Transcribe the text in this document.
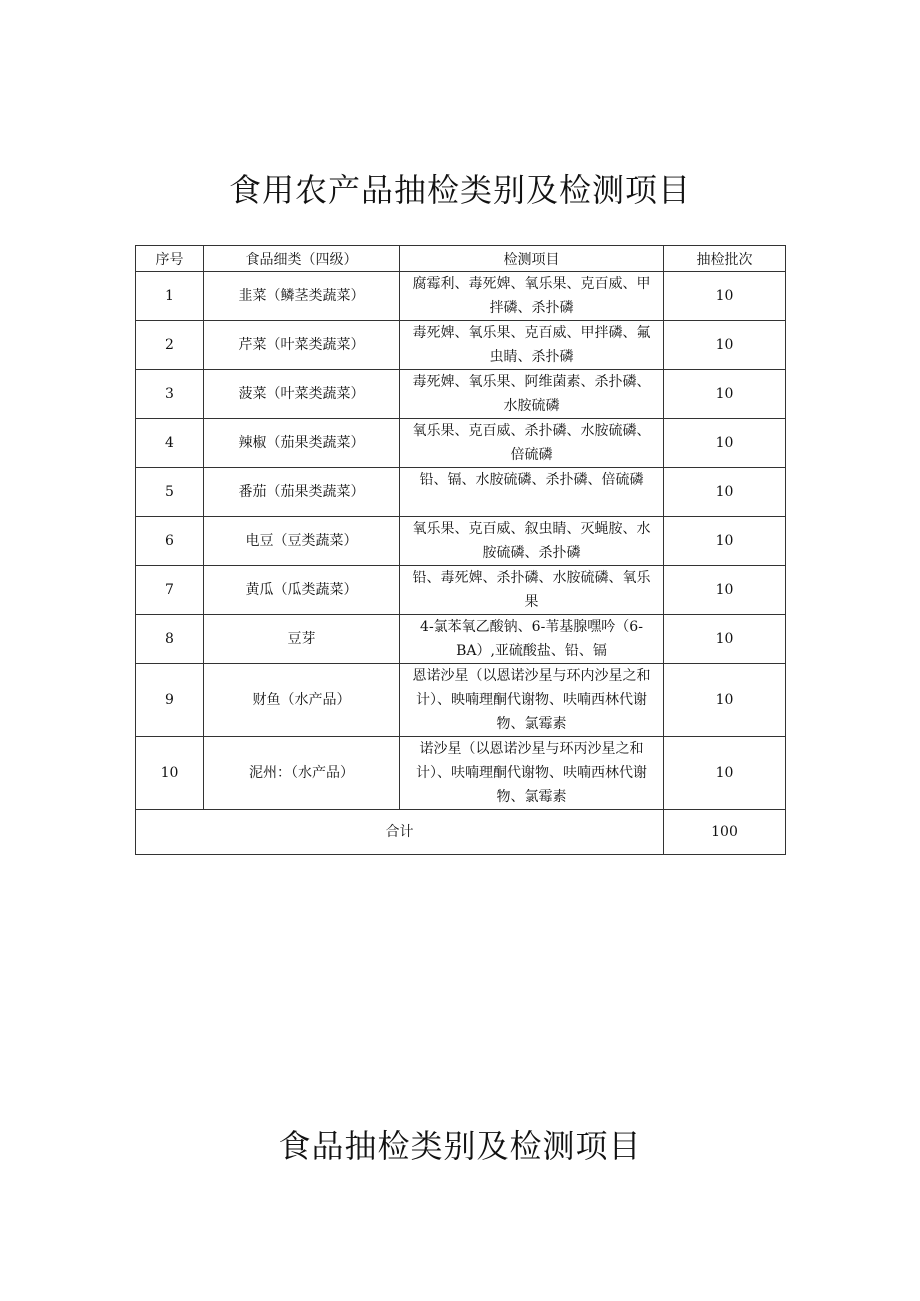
食用农产品抽检类别及检测项目
序号	食品细类（四级）	检测项目	抽检批次
1	韭菜（鳞茎类蔬菜）	腐霉利、毒死婢、氧乐果、克百威、甲拌磷、杀扑磷	10
2	芹菜（叶菜类蔬菜）	毒死婢、氧乐果、克百威、甲拌磷、氟虫睛、杀扑磷	10
3	菠菜（叶菜类蔬菜）	毒死婢、氧乐果、阿维菌素、杀扑磷、水胺硫磷	10
4	辣椒（茄果类蔬菜）	氧乐果、克百威、杀扑磷、水胺硫磷、倍硫磷	10
5	番茄（茄果类蔬菜）	铅、镉、水胺硫磷、杀扑磷、倍硫磷	10
6	电豆（豆类蔬菜）	氧乐果、克百威、叙虫睛、灭蝇胺、水胺硫磷、杀扑磷	10
7	黄瓜（瓜类蔬菜）	铅、毒死婢、杀扑磷、水胺硫磷、氧乐果	10
8	豆芽	4-氯苯氧乙酸钠、6-苇基腺嘿吟（6-BA）,亚硫酸盐、铅、镉	10
9	财鱼（水产品）	恩诺沙星（以恩诺沙星与环内沙星之和计）、映喃理酮代谢物、呋喃西林代谢物、氯霉素	10
10	泥州：（水产品）	诺沙星（以恩诺沙星与环丙沙星之和计）、呋喃理酮代谢物、呋喃西林代谢物、氯霉素	10
合计			100
食品抽检类别及检测项目
